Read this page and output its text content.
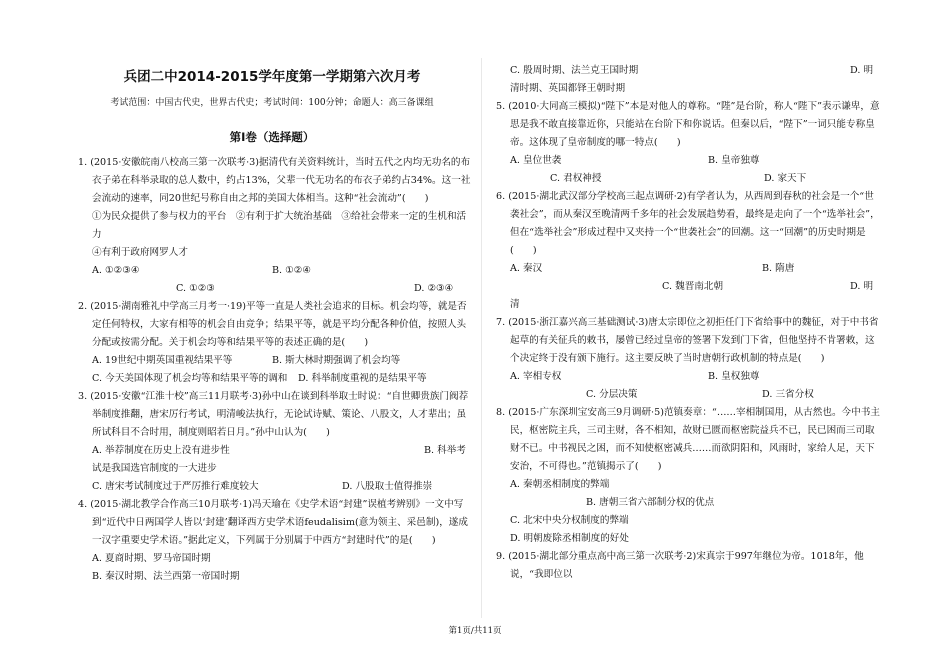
兵团二中2014-2015学年度第一学期第六次月考
考试范围：中国古代史，世界古代史；考试时间：100分钟；命题人：高三备课组
第I卷（选择题）

1. (2015·安徽皖南八校高三第一次联考·3)据清代有关资料统计，当时五代之内均无功名的布衣子弟在科举录取的总人数中，约占13%，父辈一代无功名的布衣子弟约占34%。这一社会流动的速率，同20世纪号称自由之邦的美国大体相当。这种“社会流动”(　　)

①为民众提供了参与权力的平台　②有利于扩大统治基础　③给社会带来一定的生机和活力

④有利于政府网罗人才

A. ①②③④	B. ①②④
C. ①②③	D. ②③④

2. (2015·湖南雅礼中学高三月考一·19)平等一直是人类社会追求的目标。机会均等，就是否定任何特权，大家有相等的机会自由竞争；结果平等，就是平均分配各种价值，按照人头分配或按需分配。关于机会均等和结果平等的表述正确的是(　　)

A. 19世纪中期英国重视结果平等	B. 斯大林时期强调了机会均等
C. 今天美国体现了机会均等和结果平等的调和 D. 科举制度重视的是结果平等

3. (2015·安徽“江淮十校”高三11月联考·3)孙中山在谈到科举取士时说：“自世卿贵族门阀荐举制度推翻，唐宋厉行考试，明清峻法执行，无论试诗赋、策论、八股文，人才辈出；虽所试科目不合时用，制度则昭若日月。”孙中山认为(　　)

A. 举荐制度在历史上没有进步性	B. 科举考

试是我国选官制度的一大进步

C. 唐宋考试制度过于严厉推行难度较大	D. 八股取士值得推崇

4. (2015·湖北教学合作高三10月联考·1)冯天瑜在《史学术语“封建”误植考辨别》一文中写到“近代中日两国学人皆以‘封建’翻译西方史学术语feudalisim(意为领主、采邑制)，遂成一汉字重要史学术语。”据此定义，下列属于分别属于中西方“封建时代”的是(　　)

A. 夏商时期、罗马帝国时期

B. 秦汉时期、法兰西第一帝国时期

C. 殷周时期、法兰克王国时期	D. 明

清时期、英国都铎王朝时期

5. (2010·大同高三模拟)“陛下”本是对他人的尊称。“陛”是台阶，称人“陛下”表示谦卑，意思是我不敢直接靠近你，只能站在台阶下和你说话。但秦以后，“陛下”一词只能专称皇帝。这体现了皇帝制度的哪一特点(　　)

A. 皇位世袭	B. 皇帝独尊
C. 君权神授	D. 家天下

6. (2015·湖北武汉部分学校高三起点调研·2)有学者认为，从西周到春秋的社会是一个“世袭社会”，而从秦汉至晚清两千多年的社会发展趋势看，最终是走向了一个“选举社会”，但在“选举社会”形成过程中又夹持一个“世袭社会”的回潮。这一“回潮”的历史时期是(　　)

A. 秦汉	B. 隋唐
C. 魏晋南北朝	D. 明

清

7. (2015·浙江嘉兴高三基础测试·3)唐太宗即位之初拒任门下省给事中的魏征，对于中书省起草的有关征兵的敕书，屡曾已经过皇帝的签署下发到门下省，但他坚持不肯署敕，这个决定终于没有颁下施行。这主要反映了当时唐朝行政机制的特点是(　　)

A. 宰相专权	B. 皇权独尊
C. 分层决策	D. 三省分权

8. (2015·广东深圳宝安高三9月调研·5)范镇奏章：“……宰相制国用，从古然也。今中书主民，枢密院主兵，三司主财，各不相知，故财已匮而枢密院益兵不已，民已困而三司取财不已。中书视民之困，而不知使枢密减兵……而欲阴阳和，风雨时，家给人足，天下安治，不可得也。”范镇揭示了(　　)

A. 秦朝丞相制度的弊端

B. 唐朝三省六部制分权的优点

C. 北宋中央分权制度的弊端

D. 明朝废除丞相制度的好处

9. (2015·湖北部分重点高中高三第一次联考·2)宋真宗于997年继位为帝。1018年，他说，“我即位以

第1页/共11页
